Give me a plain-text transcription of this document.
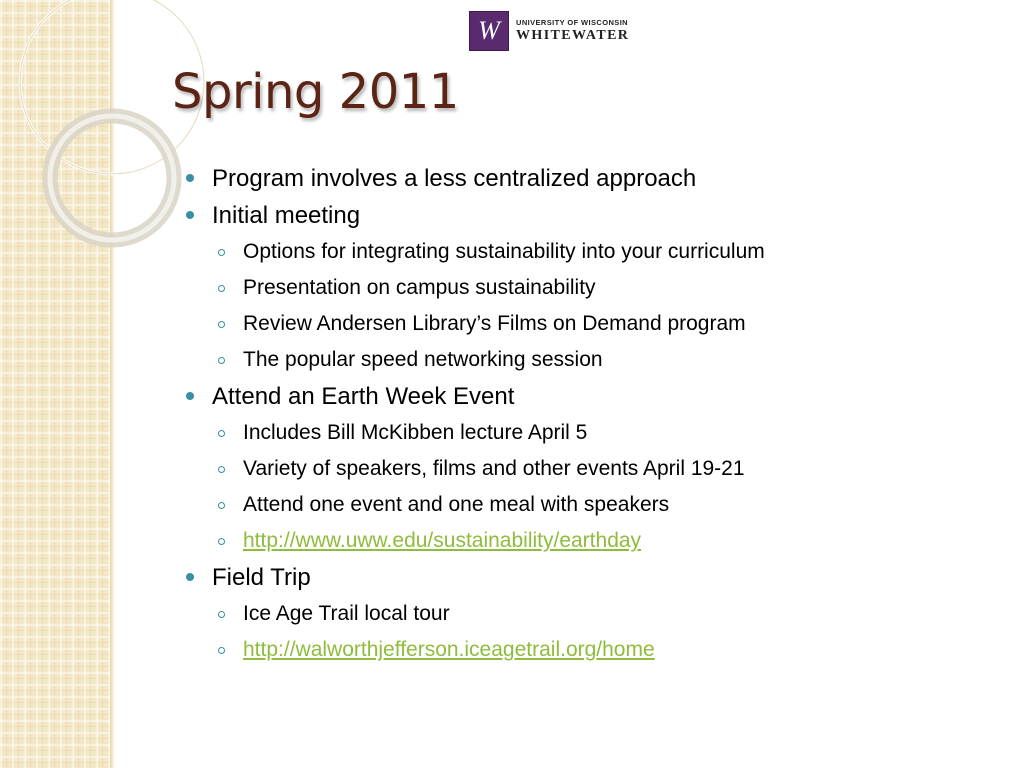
W	UNIVERSITY OF WISCONSIN
WHITEWATER
Spring 2011
Program involves a less centralized approach
Initial meeting
Options for integrating sustainability into your curriculum
Presentation on campus sustainability
Review Andersen Library’s Films on Demand program
The popular speed networking session
Attend an Earth Week Event
Includes Bill McKibben lecture April 5
Variety of speakers, films and other events April 19-21
Attend one event and one meal with speakers
http://www.uww.edu/sustainability/earthday
Field Trip
Ice Age Trail local tour
http://walworthjefferson.iceagetrail.org/home
